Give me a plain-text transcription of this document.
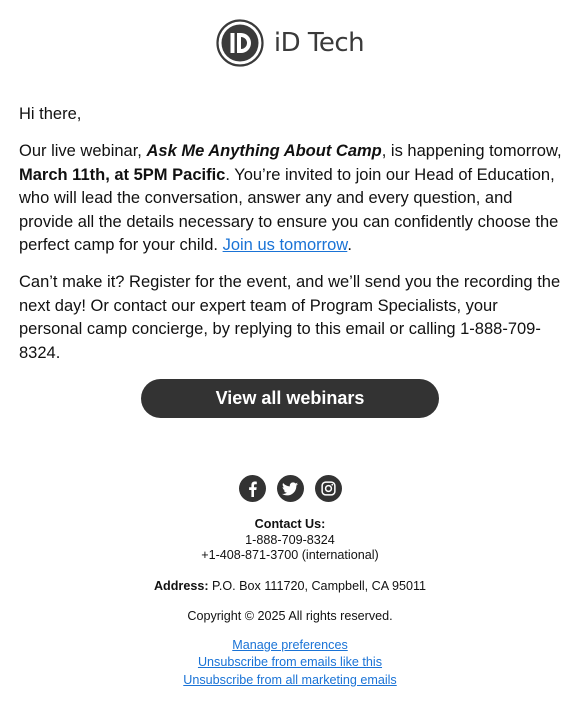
iD Tech

Hi there,

Our live webinar, Ask Me Anything About Camp, is happening tomorrow, March 11th, at 5PM Pacific. You’re invited to join our Head of Education, who will lead the conversation, answer any and every question, and provide all the details necessary to ensure you can confidently choose the perfect camp for your child. Join us tomorrow.

Can’t make it? Register for the event, and we’ll send you the recording the next day! Or contact our expert team of Program Specialists, your personal camp concierge, by replying to this email or calling 1-888-709-8324.

View all webinars
Contact Us:
1-888-709-8324
+1-408-871-3700 (international)
Address: P.O. Box 111720, Campbell, CA 95011
Copyright © 2025 All rights reserved.
Manage preferences
Unsubscribe from emails like this
Unsubscribe from all marketing emails
